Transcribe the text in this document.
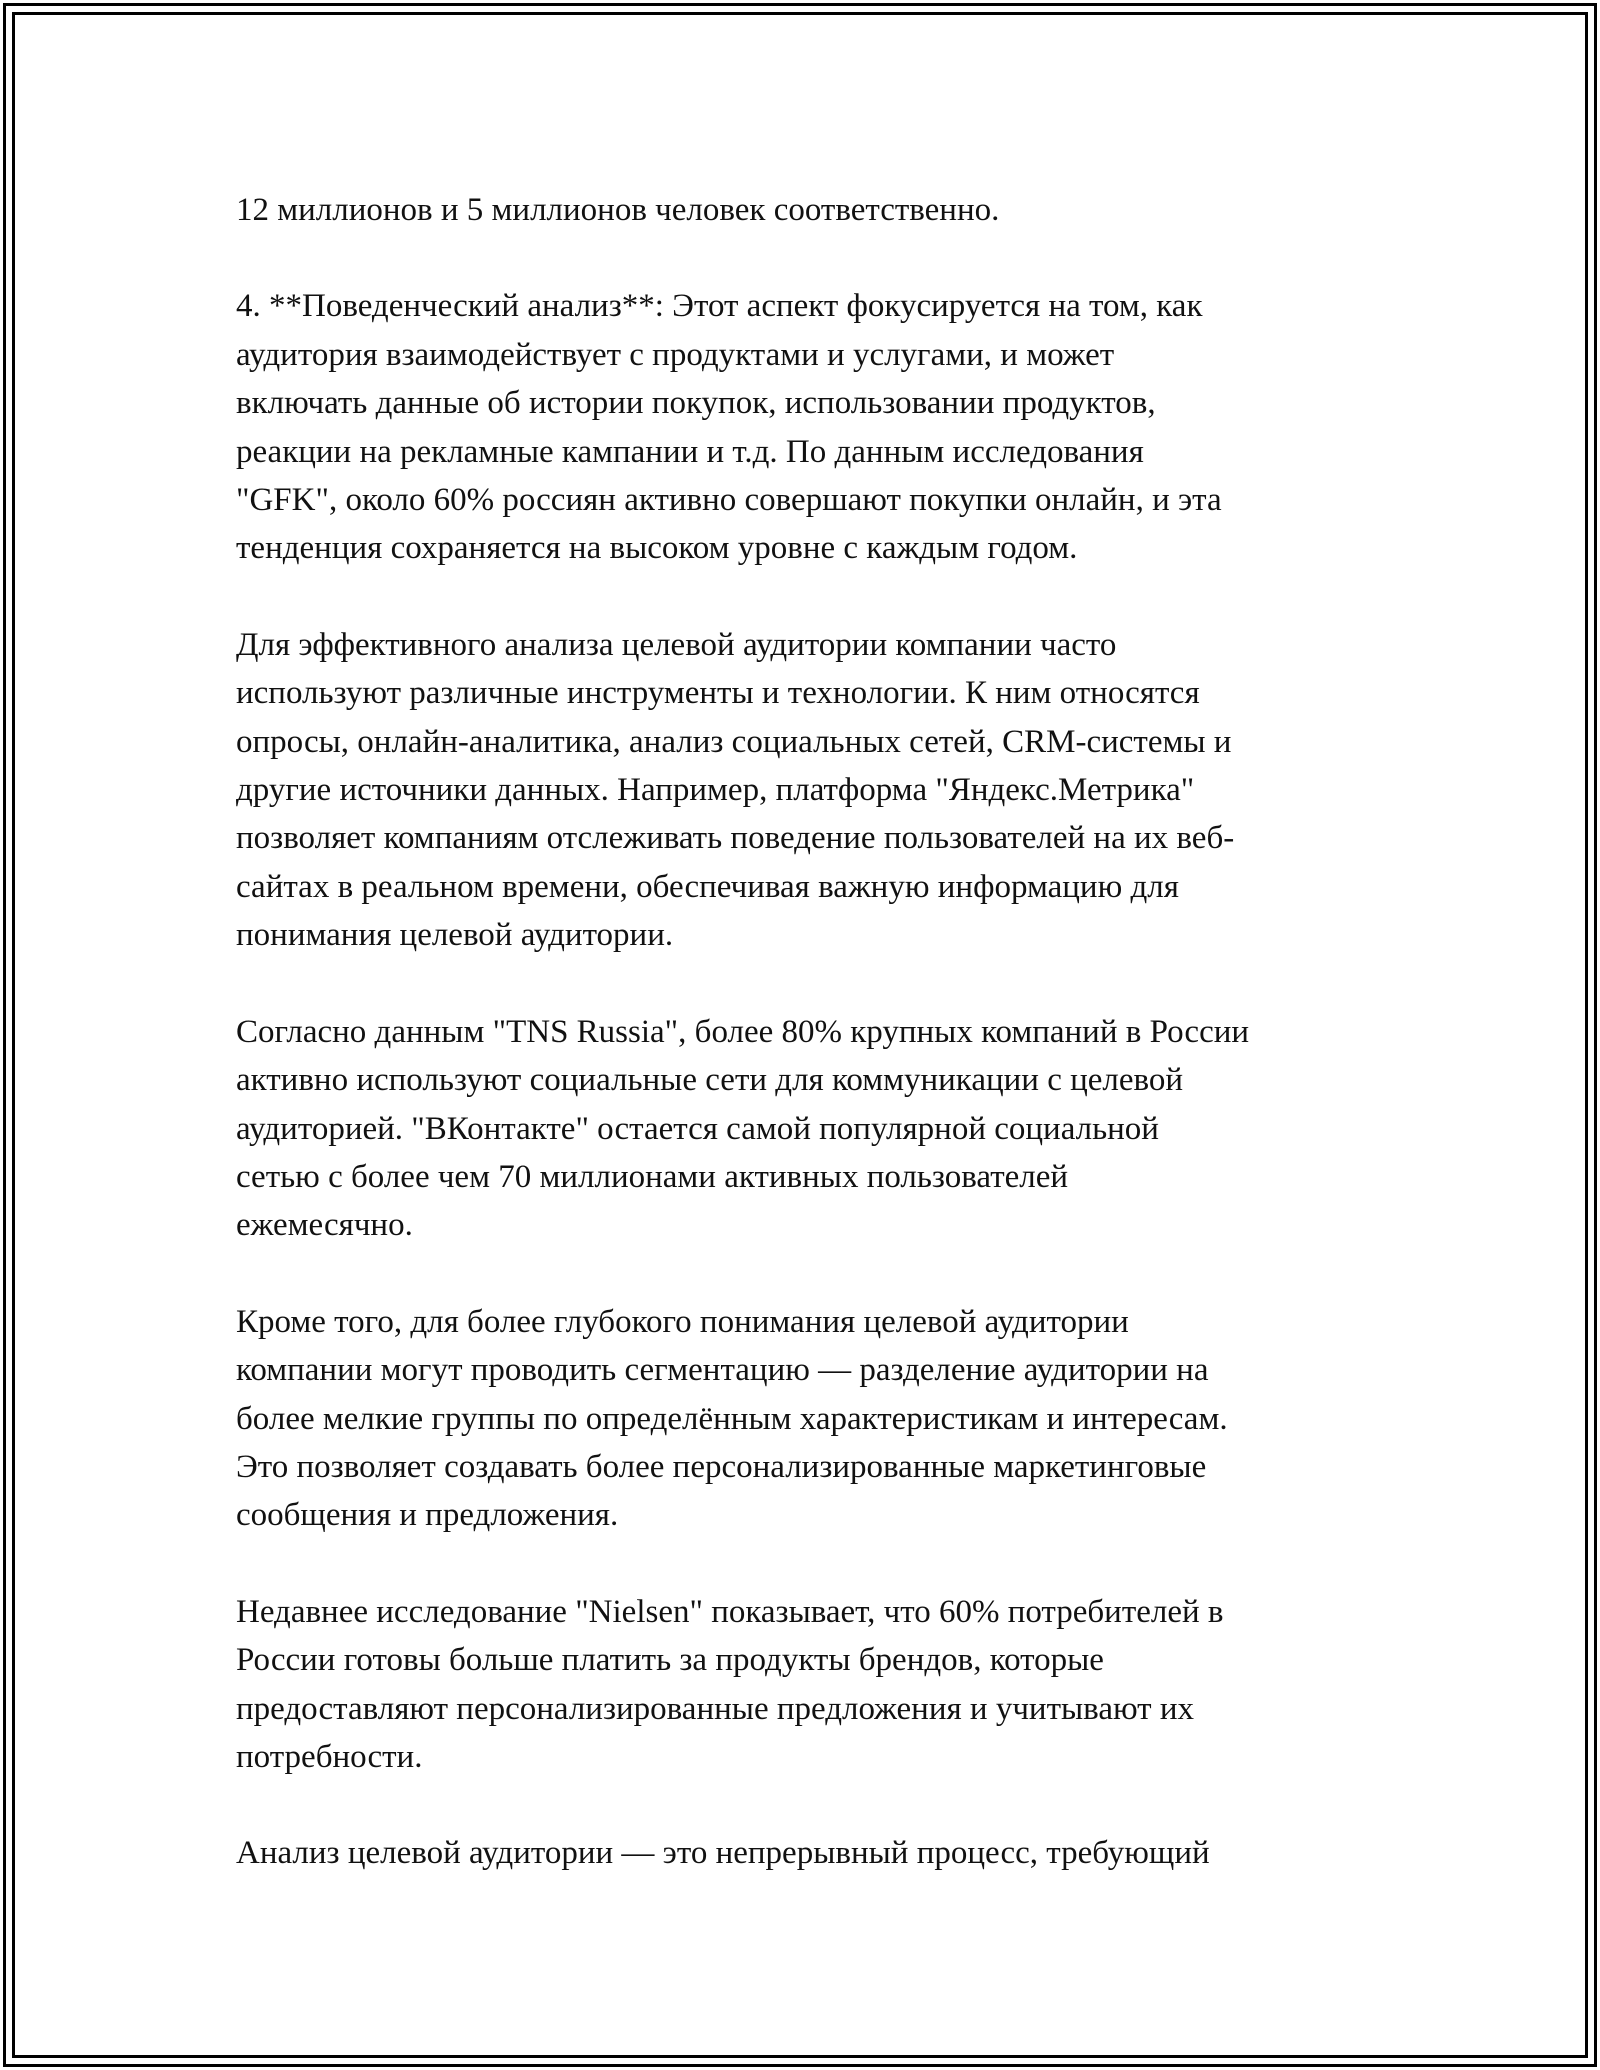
12 миллионов и 5 миллионов человек соответственно.
4. **Поведенческий анализ**: Этот аспект фокусируется на том, как
аудитория взаимодействует с продуктами и услугами, и может
включать данные об истории покупок, использовании продуктов,
реакции на рекламные кампании и т.д. По данным исследования
"GFK", около 60% россиян активно совершают покупки онлайн, и эта
тенденция сохраняется на высоком уровне с каждым годом.
Для эффективного анализа целевой аудитории компании часто
используют различные инструменты и технологии. К ним относятся
опросы, онлайн-аналитика, анализ социальных сетей, CRM-системы и
другие источники данных. Например, платформа "Яндекс.Метрика"
позволяет компаниям отслеживать поведение пользователей на их веб-
сайтах в реальном времени, обеспечивая важную информацию для
понимания целевой аудитории.
Согласно данным "TNS Russia", более 80% крупных компаний в России
активно используют социальные сети для коммуникации с целевой
аудиторией. "ВКонтакте" остается самой популярной социальной
сетью с более чем 70 миллионами активных пользователей
ежемесячно.
Кроме того, для более глубокого понимания целевой аудитории
компании могут проводить сегментацию — разделение аудитории на
более мелкие группы по определённым характеристикам и интересам.
Это позволяет создавать более персонализированные маркетинговые
сообщения и предложения.
Недавнее исследование "Nielsen" показывает, что 60% потребителей в
России готовы больше платить за продукты брендов, которые
предоставляют персонализированные предложения и учитывают их
потребности.
Анализ целевой аудитории — это непрерывный процесс, требующий
